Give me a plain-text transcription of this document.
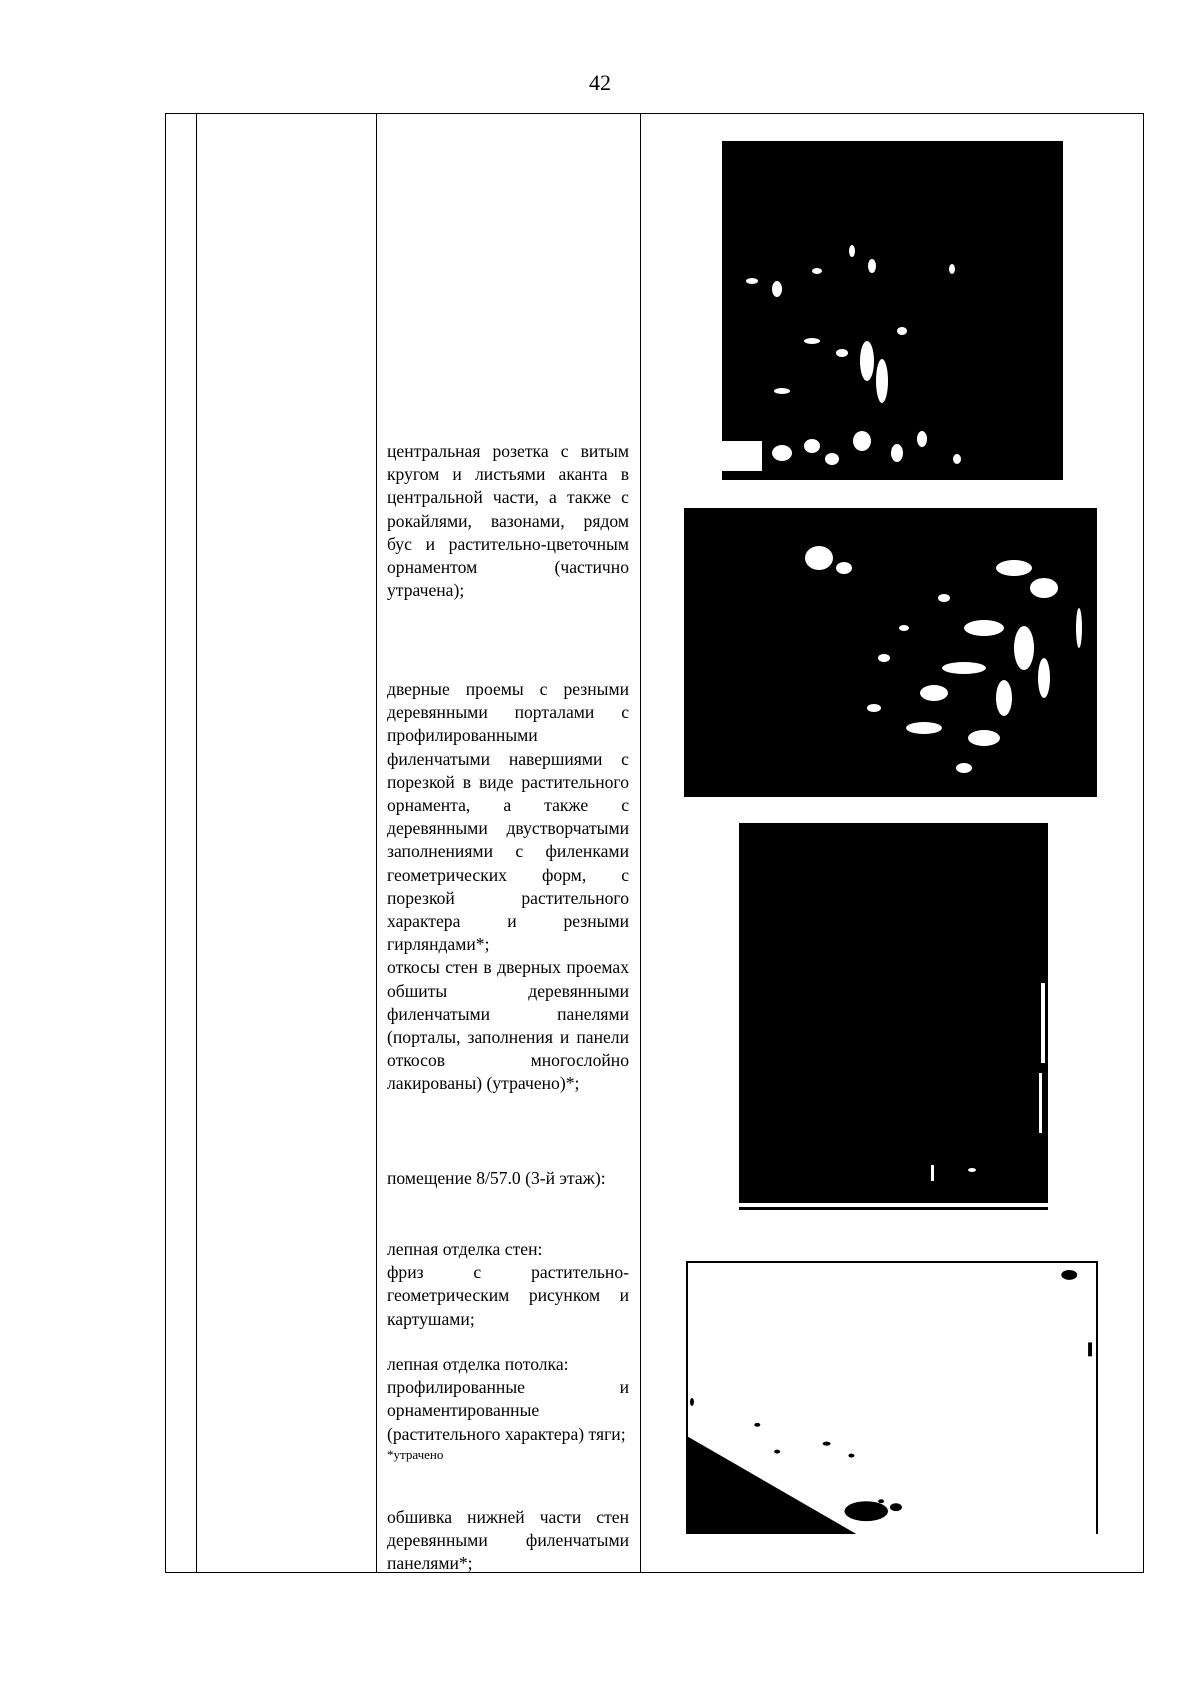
42

центральная розетка с витым кругом и листьями аканта в центральной части, а также с рокайлями, вазонами, рядом бус и растительно-цветочным орнаментом (частично утрачена);

дверные проемы с резными деревянными порталами с профилированными филенчатыми навершиями с порезкой в виде растительного орнамента, а также с деревянными двустворчатыми заполнениями с филенками геометрических форм, с порезкой растительного характера и резными гирляндами*;

откосы стен в дверных проемах обшиты деревянными филенчатыми панелями (порталы, заполнения и панели откосов многослойно лакированы) (утрачено)*;

помещение 8/57.0 (3-й этаж):

лепная отделка стен:

фриз с растительно-геометрическим рисунком и картушами;

лепная отделка потолка:

профилированные и орнаментированные (растительного характера) тяги;

*утрачено

обшивка нижней части стен деревянными филенчатыми панелями*;
